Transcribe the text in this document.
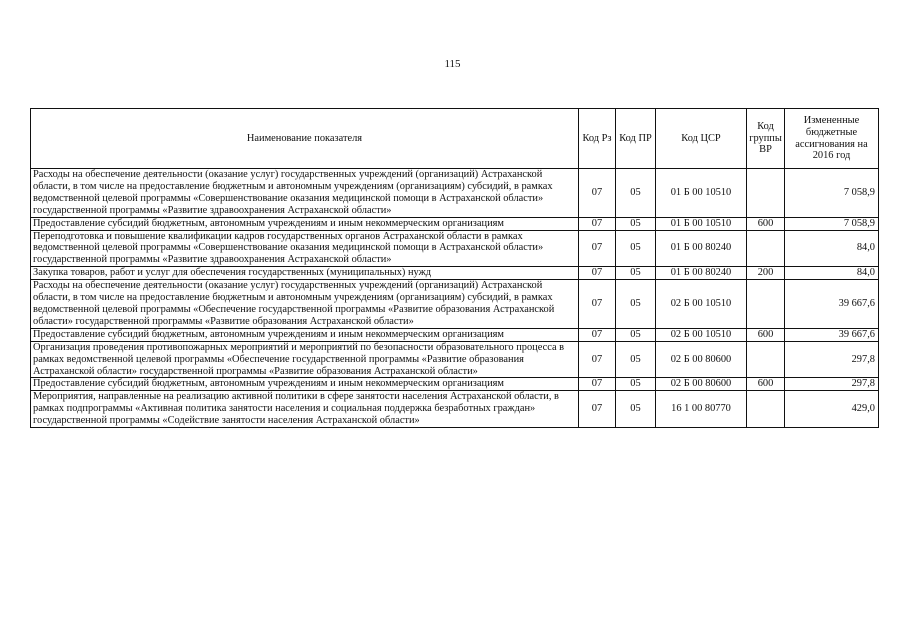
115
Наименование показателя	Код Рз	Код ПР	Код ЦСР	Код группы ВР	Измененные бюджетные ассигнования на 2016 год
Расходы на обеспечение деятельности (оказание услуг) государственных учреждений (организаций) Астраханской области, в том числе на предоставление бюджетным и автономным учреждениям (организациям) субсидий, в рамках ведомственной целевой программы «Совершенствование оказания медицинской помощи в Астраханской области» государственной программы «Развитие здравоохранения Астраханской области»	07	05	01 Б 00 10510		7 058,9
Предоставление субсидий бюджетным, автономным учреждениям и иным некоммерческим организациям	07	05	01 Б 00 10510	600	7 058,9
Переподготовка и повышение квалификации кадров государственных органов Астраханской области в рамках ведомственной целевой программы «Совершенствование оказания медицинской помощи в Астраханской области» государственной программы «Развитие здравоохранения Астраханской области»	07	05	01 Б 00 80240		84,0
Закупка товаров, работ и услуг для обеспечения государственных (муниципальных) нужд	07	05	01 Б 00 80240	200	84,0
Расходы на обеспечение деятельности (оказание услуг) государственных учреждений (организаций) Астраханской области, в том числе на предоставление бюджетным и автономным учреждениям (организациям) субсидий, в рамках ведомственной целевой программы «Обеспечение государственной программы «Развитие образования Астраханской области» государственной программы «Развитие образования Астраханской области»	07	05	02 Б 00 10510		39 667,6
Предоставление субсидий бюджетным, автономным учреждениям и иным некоммерческим организациям	07	05	02 Б 00 10510	600	39 667,6
Организация проведения противопожарных мероприятий и мероприятий по безопасности образовательного процесса в рамках ведомственной целевой программы «Обеспечение государственной программы «Развитие образования Астраханской области» государственной программы «Развитие образования Астраханской области»	07	05	02 Б 00 80600		297,8
Предоставление субсидий бюджетным, автономным учреждениям и иным некоммерческим организациям	07	05	02 Б 00 80600	600	297,8
Мероприятия, направленные на реализацию активной политики в сфере занятости населения Астраханской области, в рамках подпрограммы «Активная политика занятости населения и социальная поддержка безработных граждан» государственной программы «Содействие занятости населения Астраханской области»	07	05	16 1 00 80770		429,0
